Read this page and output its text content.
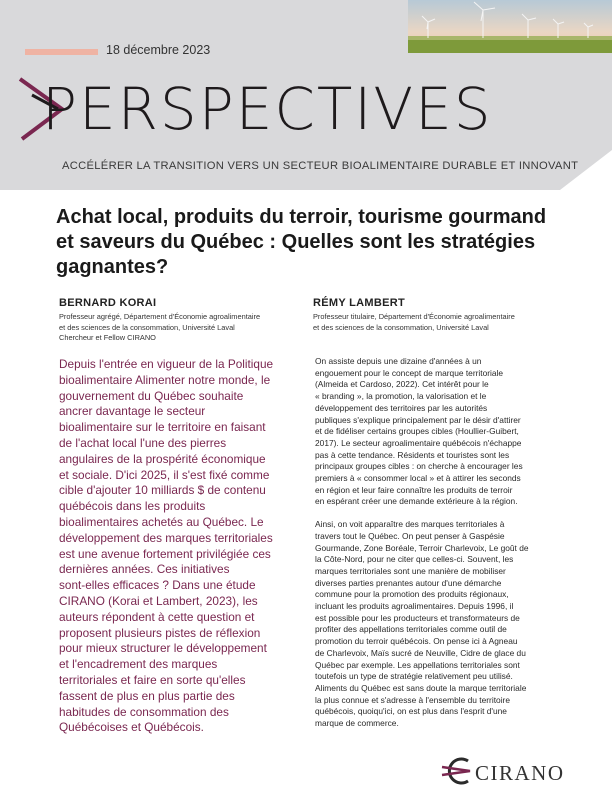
18 décembre 2023
PERSPECTIVES
ACCÉLÉRER LA TRANSITION VERS UN SECTEUR BIOALIMENTAIRE DURABLE ET INNOVANT
Achat local, produits du terroir, tourisme gourmand
et saveurs du Québec : Quelles sont les stratégies
gagnantes?
BERNARD KORAI
Professeur agrégé, Département d'Économie agroalimentaire
et des sciences de la consommation, Université Laval
Chercheur et Fellow CIRANO
RÉMY LAMBERT
Professeur titulaire, Département d'Économie agroalimentaire
et des sciences de la consommation, Université Laval
Depuis l'entrée en vigueur de la Politique
bioalimentaire Alimenter notre monde, le
gouvernement du Québec souhaite
ancrer davantage le secteur
bioalimentaire sur le territoire en faisant
de l'achat local l'une des pierres
angulaires de la prospérité économique
et sociale. D'ici 2025, il s'est fixé comme
cible d'ajouter 10 milliards $ de contenu
québécois dans les produits
bioalimentaires achetés au Québec. Le
développement des marques territoriales
est une avenue fortement privilégiée ces
dernières années. Ces initiatives
sont-elles efficaces ? Dans une étude
CIRANO (Korai et Lambert, 2023), les
auteurs répondent à cette question et
proposent plusieurs pistes de réflexion
pour mieux structurer le développement
et l'encadrement des marques
territoriales et faire en sorte qu'elles
fassent de plus en plus partie des
habitudes de consommation des
Québécoises et Québécois.

On assiste depuis une dizaine d'années à un
engouement pour le concept de marque territoriale
(Almeida et Cardoso, 2022). Cet intérêt pour le
« branding », la promotion, la valorisation et le
développement des territoires par les autorités
publiques s'explique principalement par le désir d'attirer
et de fidéliser certains groupes cibles (Houllier-Guibert,
2017). Le secteur agroalimentaire québécois n'échappe
pas à cette tendance. Résidents et touristes sont les
principaux groupes cibles : on cherche à encourager les
premiers à « consommer local » et à attirer les seconds
en région et leur faire connaître les produits de terroir
en espérant créer une demande extérieure à la région.

Ainsi, on voit apparaître des marques territoriales à
travers tout le Québec. On peut penser à Gaspésie
Gourmande, Zone Boréale, Terroir Charlevoix, Le goût de
la Côte-Nord, pour ne citer que celles-ci. Souvent, les
marques territoriales sont une manière de mobiliser
diverses parties prenantes autour d'une démarche
commune pour la promotion des produits régionaux,
incluant les produits agroalimentaires. Depuis 1996, il
est possible pour les producteurs et transformateurs de
profiter des appellations territoriales comme outil de
promotion du terroir québécois. On pense ici à Agneau
de Charlevoix, Maïs sucré de Neuville, Cidre de glace du
Québec par exemple. Les appellations territoriales sont
toutefois un type de stratégie relativement peu utilisé.
Aliments du Québec est sans doute la marque territoriale
la plus connue et s'adresse à l'ensemble du territoire
québécois, quoiqu'ici, on est plus dans l'esprit d'une
marque de commerce.

CIRANO
